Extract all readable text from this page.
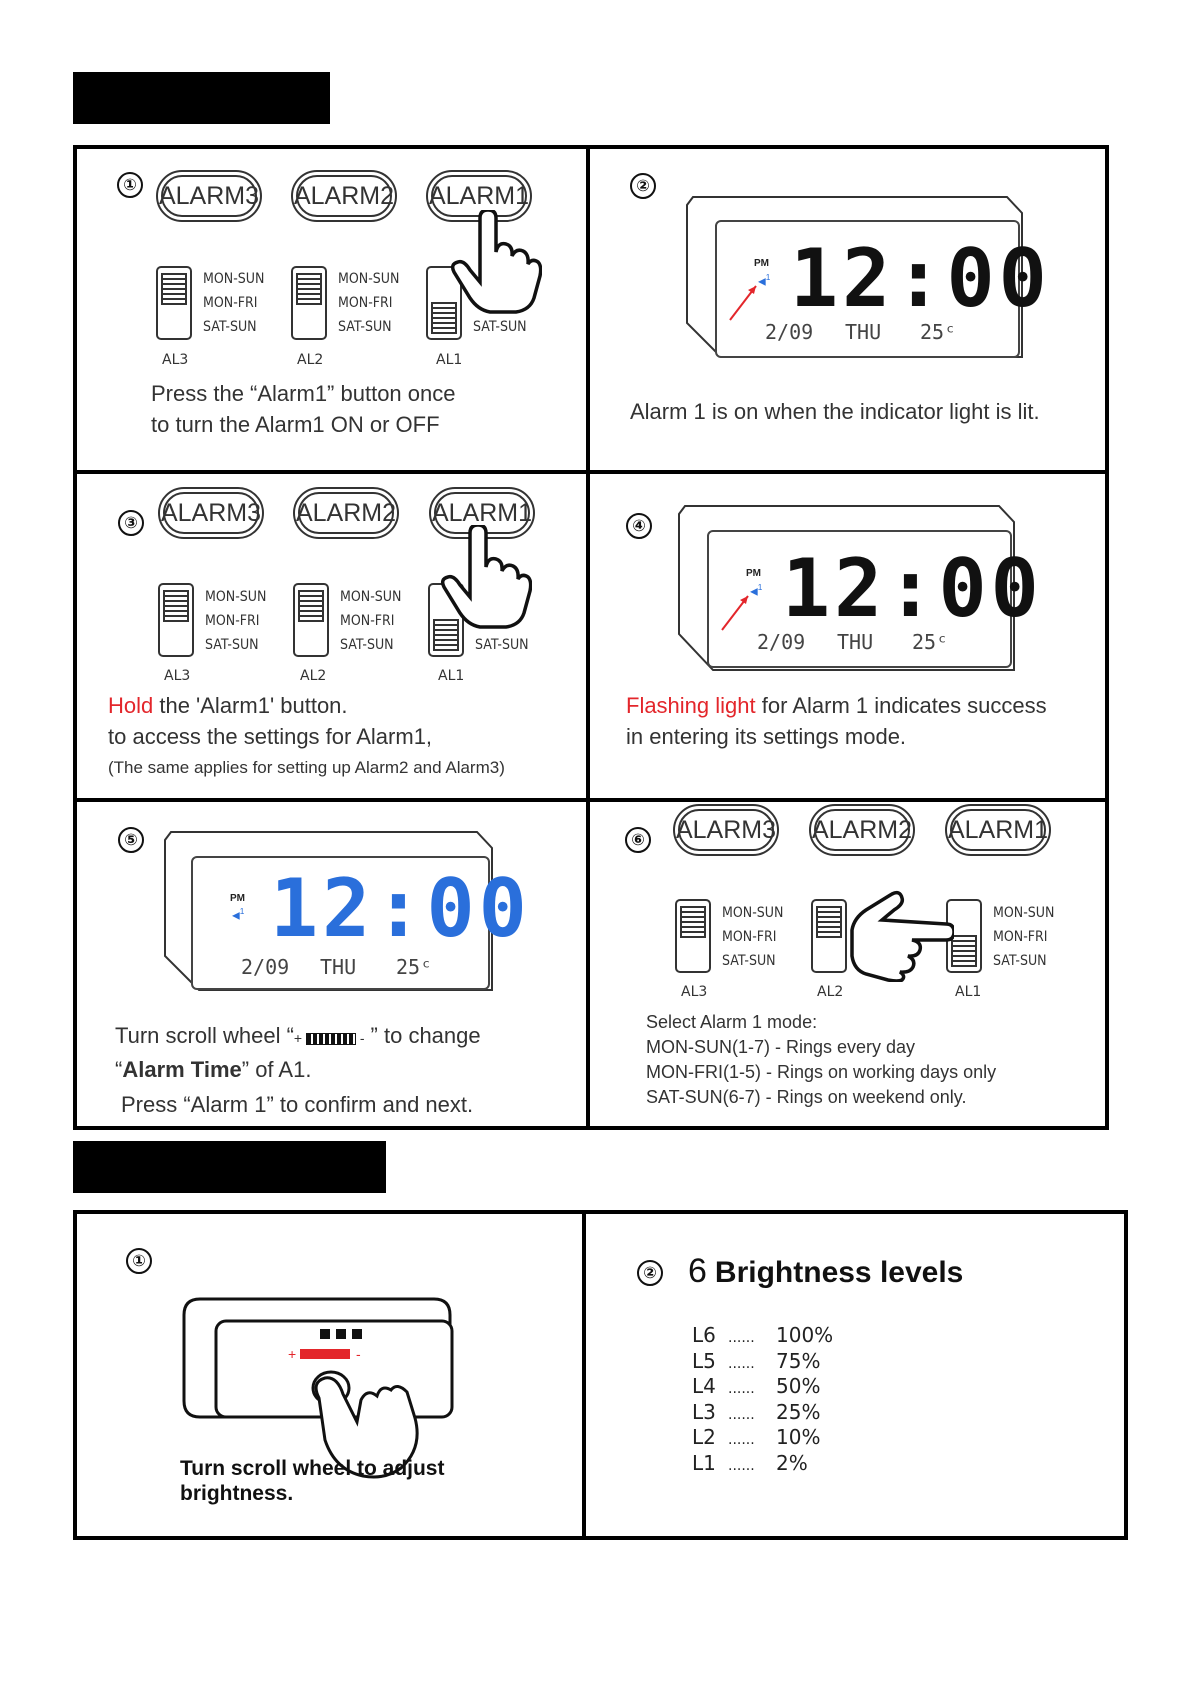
① ALARM3 ALARM2 ALARM1
MON-SUN
MON-FRI
SAT-SUN
AL3
MON-SUN
MON-FRI
SAT-SUN
AL2
SAT-SUN
AL1
Press the “Alarm1” button once
to turn the Alarm1 ON or OFF
②
PM
◀$^1$ 12:00
2/09 THU 25ᶜ
Alarm 1 is on when the indicator light is lit.
③ ALARM3 ALARM2 ALARM1
MON-SUN
MON-FRI
SAT-SUN
AL3
MON-SUN
MON-FRI
SAT-SUN
AL2
SAT-SUN
AL1
Hold the 'Alarm1' button.
to access the settings for Alarm1,
(The same applies for setting up Alarm2 and Alarm3)
④
PM
◀$^1$ 12:00
2/09 THU 25ᶜ
Flashing light for Alarm 1 indicates success
in entering its settings mode.
⑤
PM
◀$^1$ 12:00
2/09 THU 25ᶜ
Turn scroll wheel “+	- ” to change
“Alarm Time” of A1.
Press “Alarm 1” to confirm and next.
⑥ ALARM3 ALARM2 ALARM1
MON-SUN
MON-FRI
SAT-SUN
AL3	AL2
MON-SUN
MON-FRI
SAT-SUN
AL1
Select Alarm 1 mode:
MON-SUN(1-7) - Rings every day
MON-FRI(1-5) - Rings on working days only
SAT-SUN(6-7) - Rings on weekend only.
①
+	-
Turn scroll wheel to adjust
brightness.
② 6 Brightness levels
L6 ...... 100%
L5 ...... 75%
L4 ...... 50%
L3 ...... 25%
L2 ...... 10%
L1 ...... 2%
